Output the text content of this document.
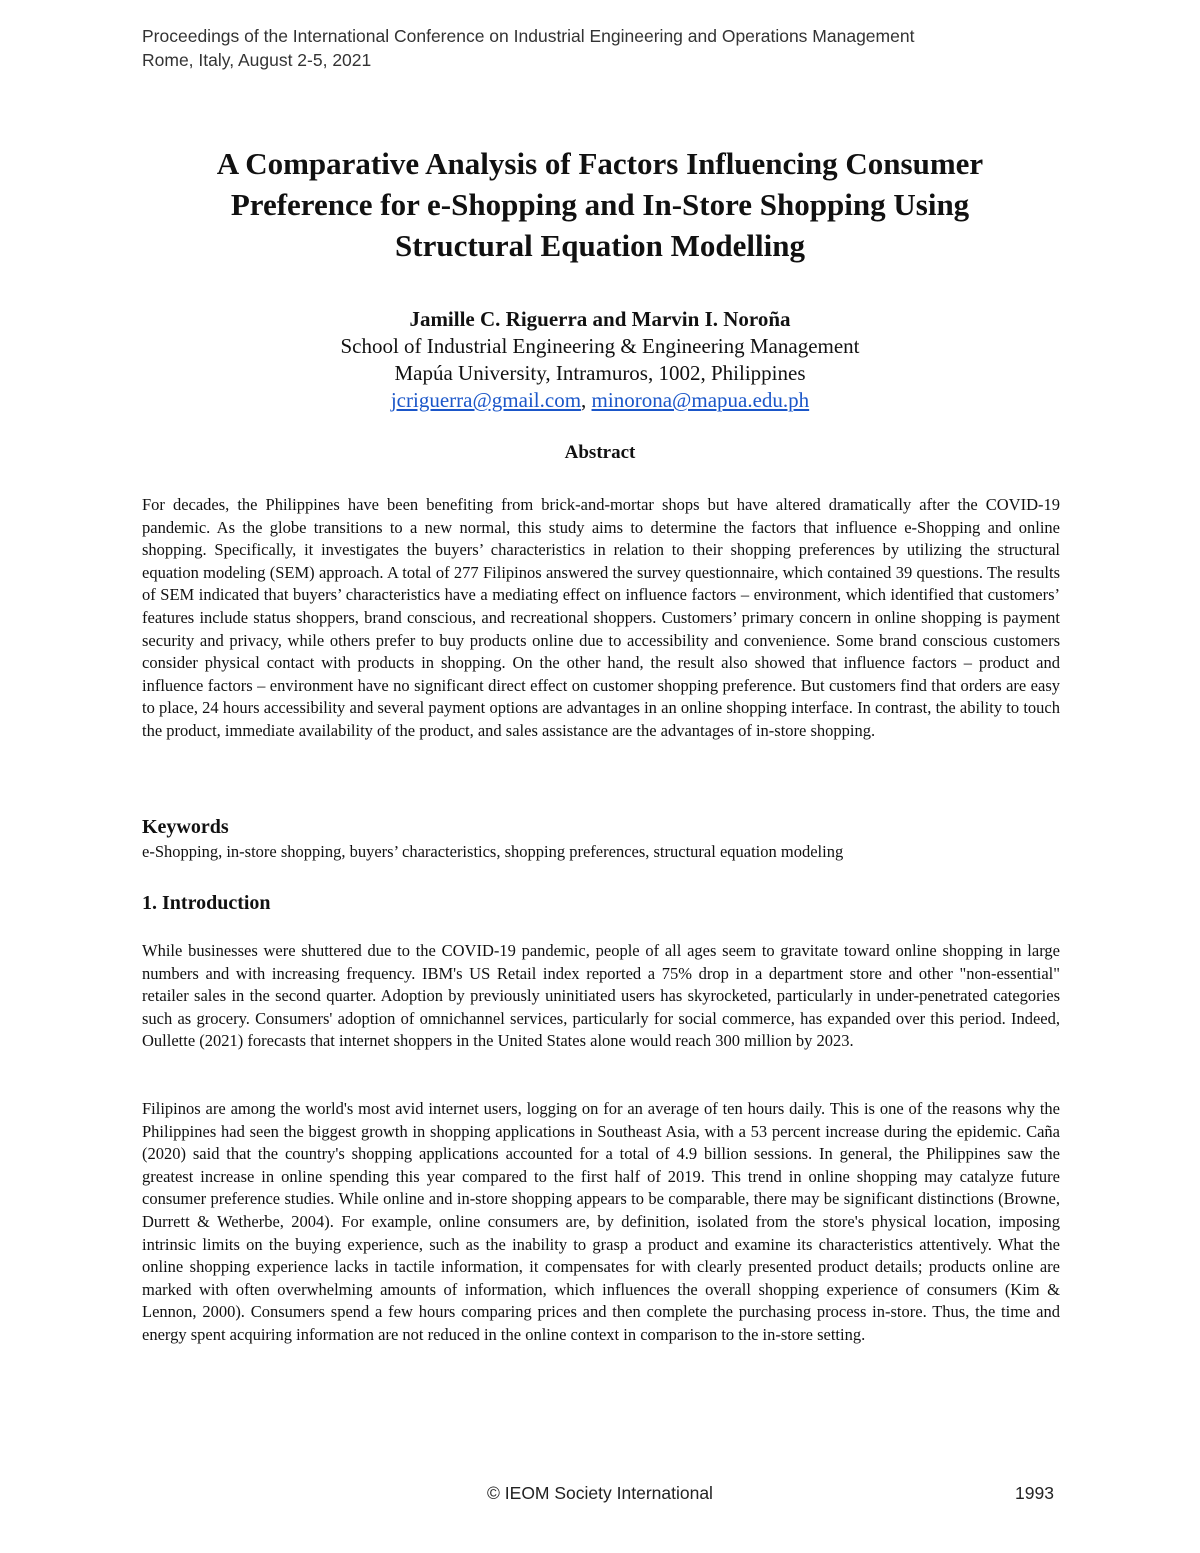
Proceedings of the International Conference on Industrial Engineering and Operations Management
Rome, Italy, August 2-5, 2021
A Comparative Analysis of Factors Influencing Consumer
Preference for e-Shopping and In-Store Shopping Using
Structural Equation Modelling
Jamille C. Riguerra and Marvin I. Noroña
School of Industrial Engineering & Engineering Management
Mapúa University, Intramuros, 1002, Philippines
jcriguerra@gmail.com, minorona@mapua.edu.ph
Abstract

For decades, the Philippines have been benefiting from brick-and-mortar shops but have altered dramatically after the COVID-19 pandemic. As the globe transitions to a new normal, this study aims to determine the factors that influence e-Shopping and online shopping. Specifically, it investigates the buyers’ characteristics in relation to their shopping preferences by utilizing the structural equation modeling (SEM) approach. A total of 277 Filipinos answered the survey questionnaire, which contained 39 questions. The results of SEM indicated that buyers’ characteristics have a mediating effect on influence factors – environment, which identified that customers’ features include status shoppers, brand conscious, and recreational shoppers. Customers’ primary concern in online shopping is payment security and privacy, while others prefer to buy products online due to accessibility and convenience. Some brand conscious customers consider physical contact with products in shopping. On the other hand, the result also showed that influence factors – product and influence factors – environment have no significant direct effect on customer shopping preference. But customers find that orders are easy to place, 24 hours accessibility and several payment options are advantages in an online shopping interface. In contrast, the ability to touch the product, immediate availability of the product, and sales assistance are the advantages of in-store shopping.

Keywords

e-Shopping, in-store shopping, buyers’ characteristics, shopping preferences, structural equation modeling

1. Introduction

While businesses were shuttered due to the COVID-19 pandemic, people of all ages seem to gravitate toward online shopping in large numbers and with increasing frequency. IBM's US Retail index reported a 75% drop in a department store and other "non-essential" retailer sales in the second quarter. Adoption by previously uninitiated users has skyrocketed, particularly in under-penetrated categories such as grocery. Consumers' adoption of omnichannel services, particularly for social commerce, has expanded over this period. Indeed, Oullette (2021) forecasts that internet shoppers in the United States alone would reach 300 million by 2023.

Filipinos are among the world's most avid internet users, logging on for an average of ten hours daily. This is one of the reasons why the Philippines had seen the biggest growth in shopping applications in Southeast Asia, with a 53 percent increase during the epidemic. Caña (2020) said that the country's shopping applications accounted for a total of 4.9 billion sessions. In general, the Philippines saw the greatest increase in online spending this year compared to the first half of 2019. This trend in online shopping may catalyze future consumer preference studies. While online and in-store shopping appears to be comparable, there may be significant distinctions (Browne, Durrett & Wetherbe, 2004). For example, online consumers are, by definition, isolated from the store's physical location, imposing intrinsic limits on the buying experience, such as the inability to grasp a product and examine its characteristics attentively. What the online shopping experience lacks in tactile information, it compensates for with clearly presented product details; products online are marked with often overwhelming amounts of information, which influences the overall shopping experience of consumers (Kim & Lennon, 2000). Consumers spend a few hours comparing prices and then complete the purchasing process in-store. Thus, the time and energy spent acquiring information are not reduced in the online context in comparison to the in-store setting.

© IEOM Society International	1993
